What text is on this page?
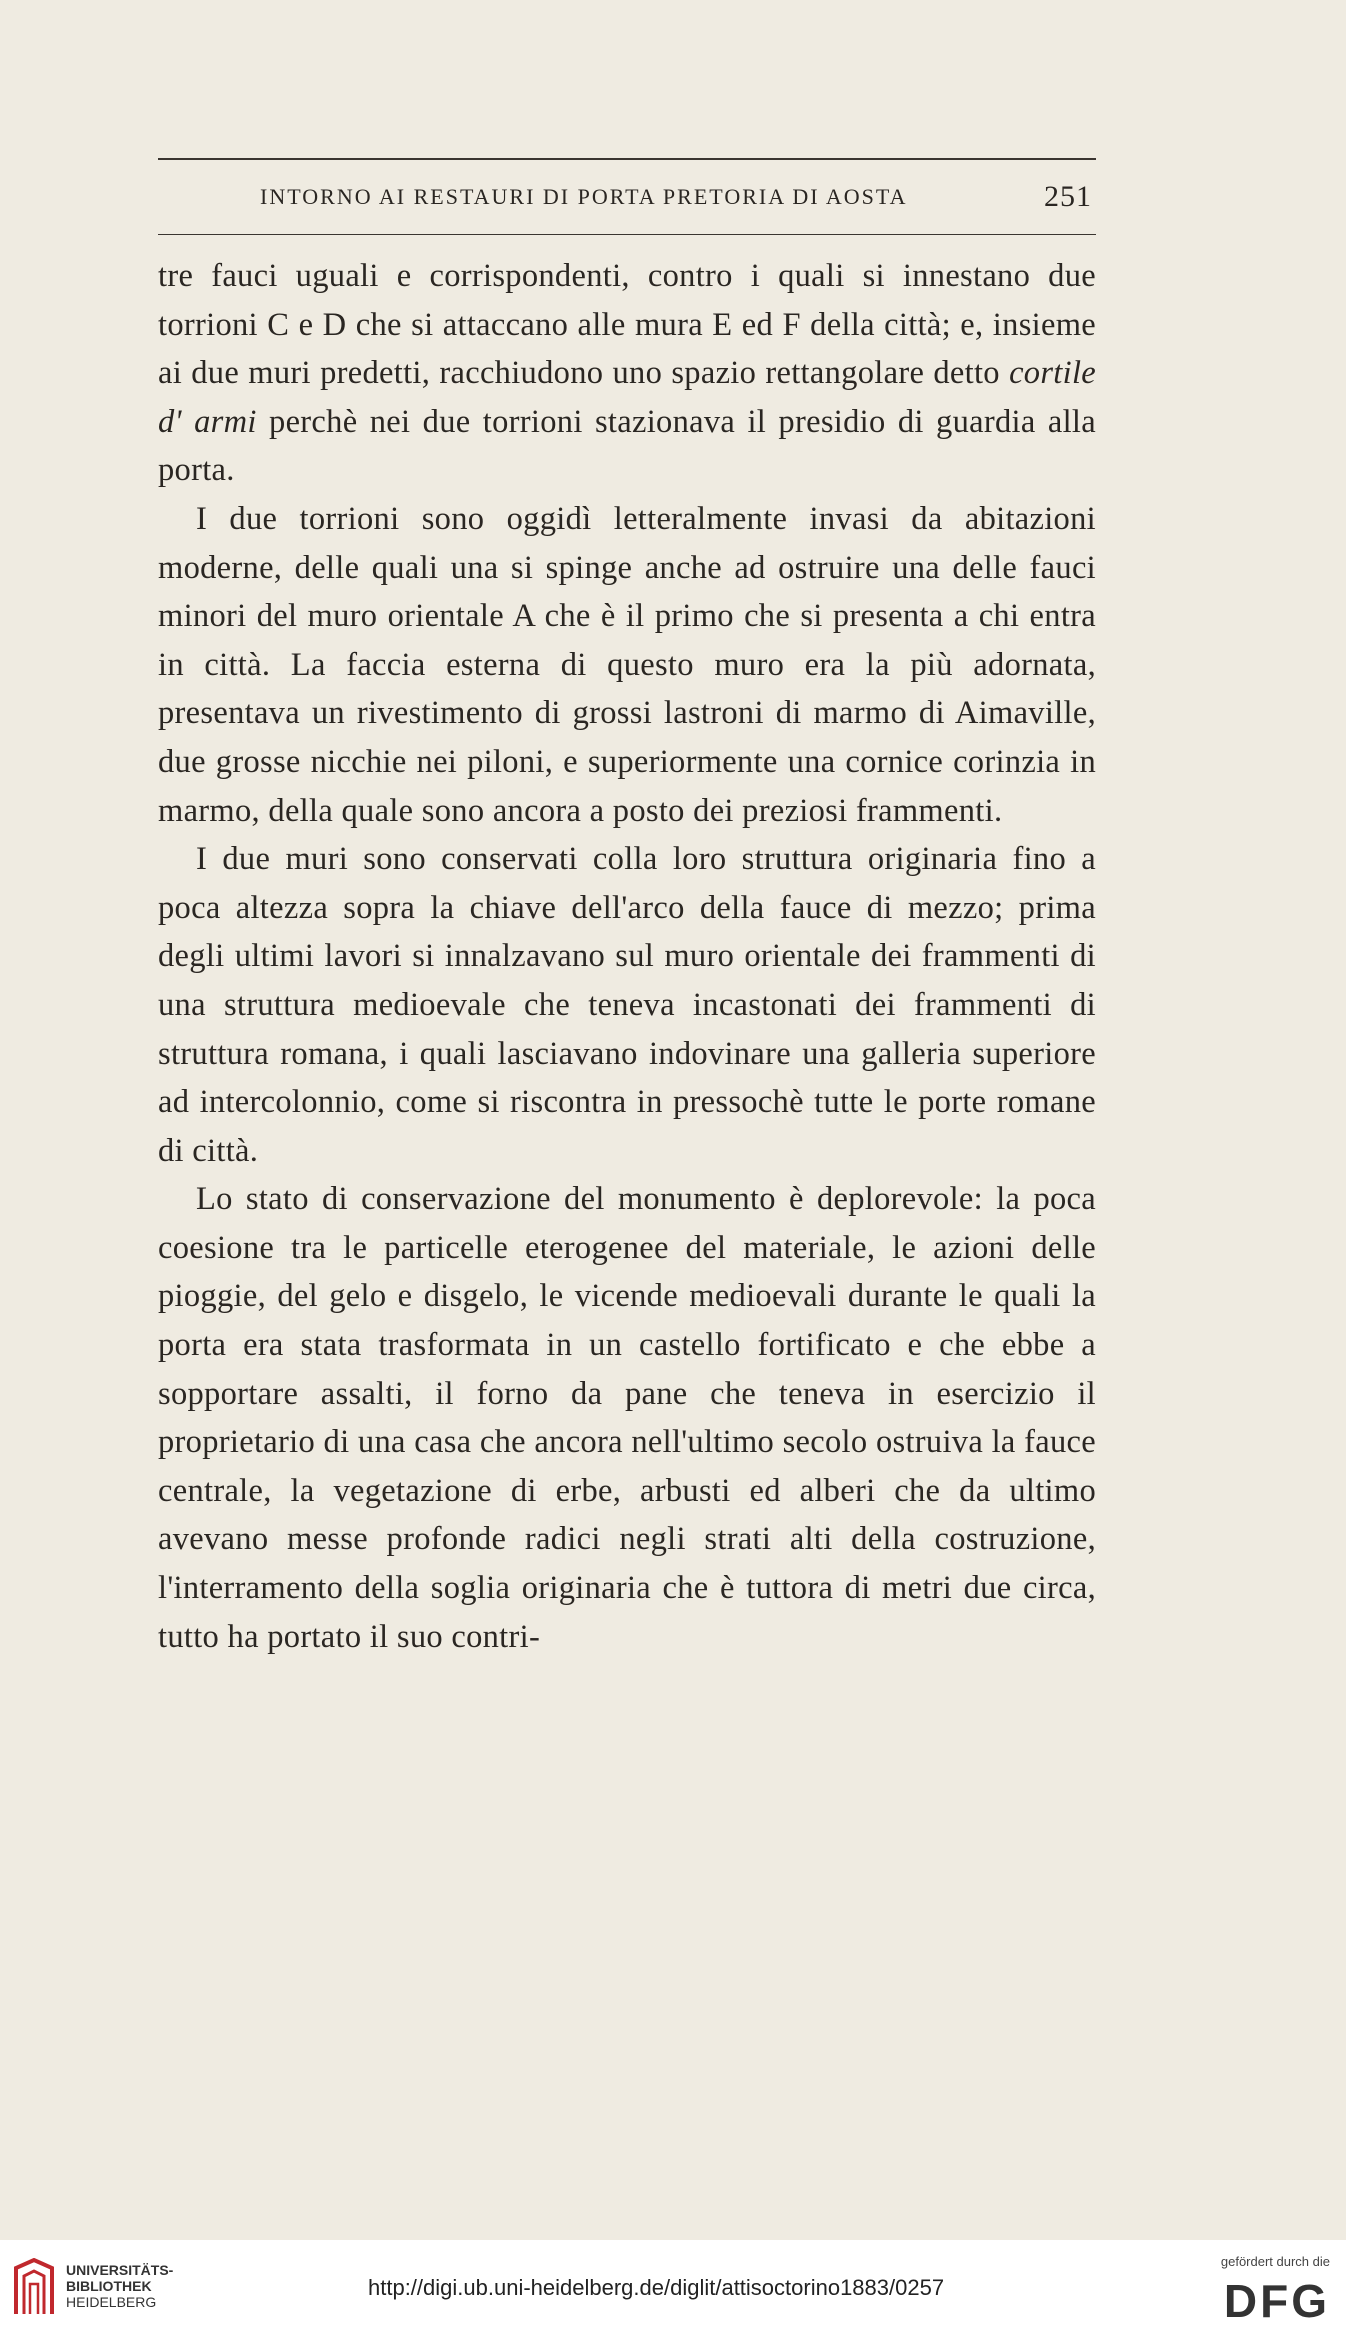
INTORNO AI RESTAURI DI PORTA PRETORIA DI AOSTA	251

tre fauci uguali e corrispondenti, contro i quali si innestano due torrioni C e D che si attaccano alle mura E ed F della città; e, insieme ai due muri predetti, racchiudono uno spazio rettangolare detto cortile d' armi perchè nei due torrioni stazionava il presidio di guardia alla porta.

I due torrioni sono oggidì letteralmente invasi da abitazioni moderne, delle quali una si spinge anche ad ostruire una delle fauci minori del muro orientale A che è il primo che si presenta a chi entra in città. La faccia esterna di questo muro era la più adornata, presentava un rivestimento di grossi lastroni di marmo di Aimaville, due grosse nicchie nei piloni, e superiormente una cornice corinzia in marmo, della quale sono ancora a posto dei preziosi frammenti.

I due muri sono conservati colla loro struttura originaria fino a poca altezza sopra la chiave dell'arco della fauce di mezzo; prima degli ultimi lavori si innalzavano sul muro orientale dei frammenti di una struttura medioevale che teneva incastonati dei frammenti di struttura romana, i quali lasciavano indovinare una galleria superiore ad intercolonnio, come si riscontra in pressochè tutte le porte romane di città.

Lo stato di conservazione del monumento è deplorevole: la poca coesione tra le particelle eterogenee del materiale, le azioni delle pioggie, del gelo e disgelo, le vicende medioevali durante le quali la porta era stata trasformata in un castello fortificato e che ebbe a sopportare assalti, il forno da pane che teneva in esercizio il proprietario di una casa che ancora nell'ultimo secolo ostruiva la fauce centrale, la vegetazione di erbe, arbusti ed alberi che da ultimo avevano messe profonde radici negli strati alti della costruzione, l'interramento della soglia originaria che è tuttora di metri due circa, tutto ha portato il suo contri-

UNIVERSITÄTS-
BIBLIOTHEK
HEIDELBERG
http://digi.ub.uni-heidelberg.de/diglit/attisoctorino1883/0257
gefördert durch die
DFG
